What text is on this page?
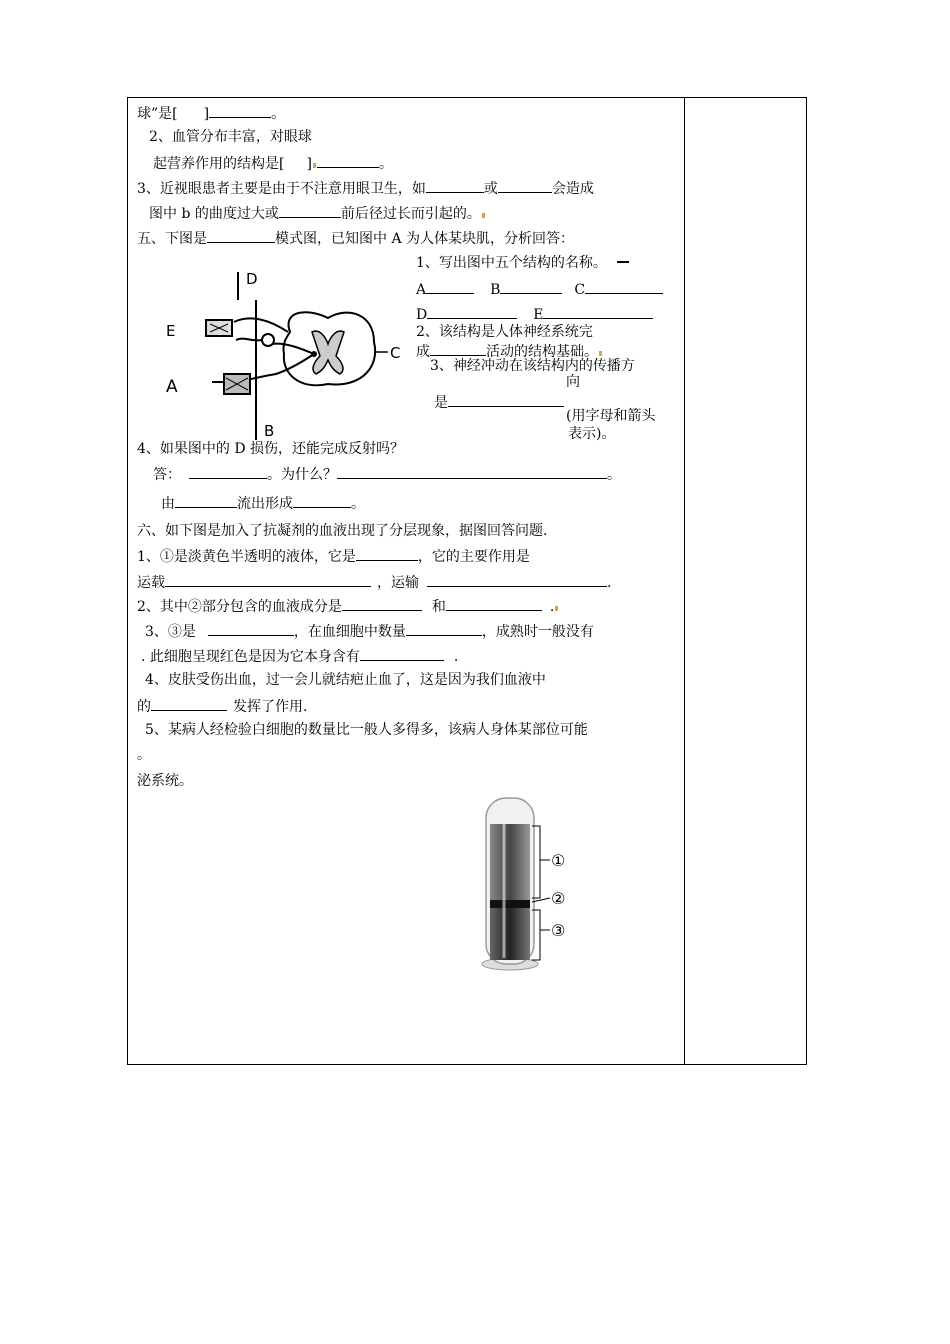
球”是[ ]	。
2、血管分布丰富，对眼球
起营养作用的结构是[ ]	。
3、近视眼患者主要是由于不注意用眼卫生，如	或	会造成
图中 b 的曲度过大或	前后径过长而引起的。
五、下图是	模式图，已知图中 A 为人体某块肌，分析回答：
D
E
A
B
C
1、写出图中五个结构的名称。
A	B	C
D	E
2、该结构是人体神经系统完
成	活动的结构基础。
3、神经冲动在该结构内的传播方
向
是
(用字母和箭头
表示)。
4、如果图中的 D 损伤，还能完成反射吗？
答：	。为什么？	。
由	流出形成	。
六、如下图是加入了抗凝剂的血液出现了分层现象，据图回答问题.
1、①是淡黄色半透明的液体，它是	，它的主要作用是
运载	，运输	.
2、其中②部分包含的血液成分是	和	.
3、③是	，在血细胞中数量	，成熟时一般没有
. 此细胞呈现红色是因为它本身含有	.
4、皮肤受伤出血，过一会儿就结疤止血了，这是因为我们血液中
的	发挥了作用.
5、某病人经检验白细胞的数量比一般人多得多，该病人身体某部位可能
。
泌系统。
①
②
③
